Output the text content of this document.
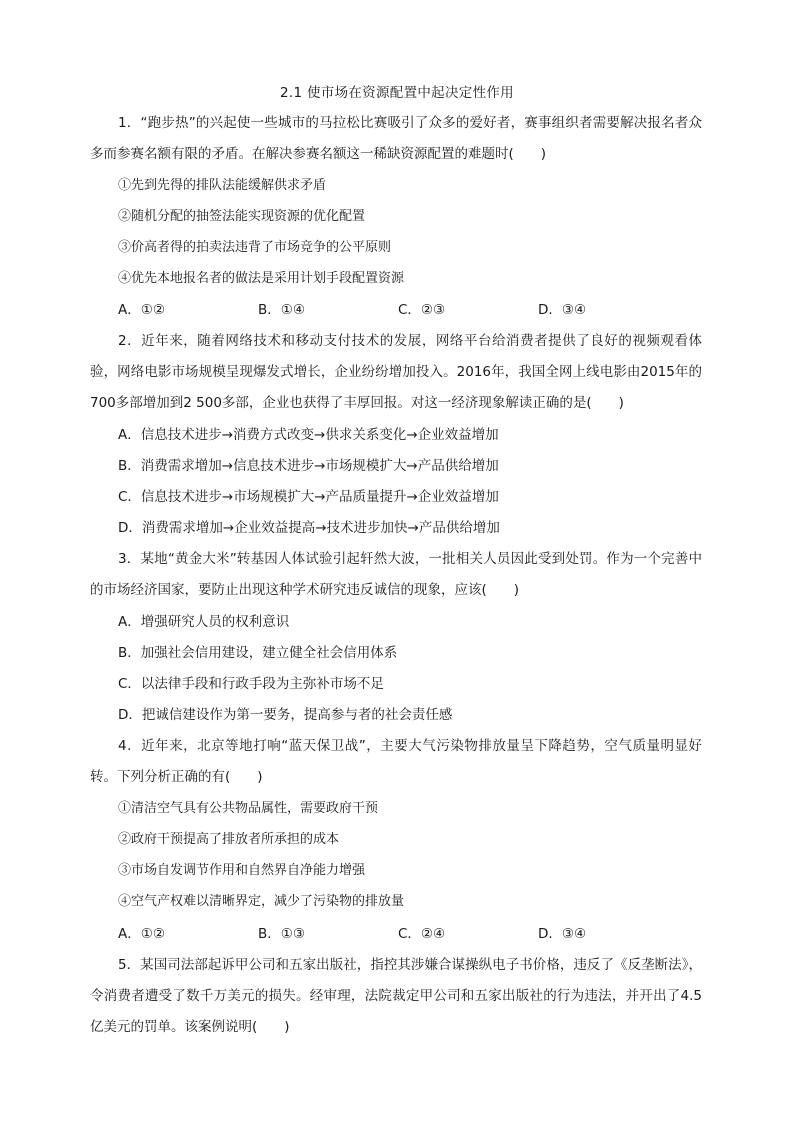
2.1 使市场在资源配置中起决定性作用
1．“跑步热”的兴起使一些城市的马拉松比赛吸引了众多的爱好者，赛事组织者需要解决报名者众多而参赛名额有限的矛盾。在解决参赛名额这一稀缺资源配置的难题时(　　)
①先到先得的排队法能缓解供求矛盾
②随机分配的抽签法能实现资源的优化配置
③价高者得的拍卖法违背了市场竞争的公平原则
④优先本地报名者的做法是采用计划手段配置资源
A．①②	B．①④	C．②③	D．③④
2．近年来，随着网络技术和移动支付技术的发展，网络平台给消费者提供了良好的视频观看体验，网络电影市场规模呈现爆发式增长，企业纷纷增加投入。2016年，我国全网上线电影由2015年的700多部增加到2 500多部，企业也获得了丰厚回报。对这一经济现象解读正确的是(　　)
A．信息技术进步→消费方式改变→供求关系变化→企业效益增加
B．消费需求增加→信息技术进步→市场规模扩大→产品供给增加
C．信息技术进步→市场规模扩大→产品质量提升→企业效益增加
D．消费需求增加→企业效益提高→技术进步加快→产品供给增加
3．某地“黄金大米”转基因人体试验引起轩然大波，一批相关人员因此受到处罚。作为一个完善中的市场经济国家，要防止出现这种学术研究违反诚信的现象，应该(　　)
A．增强研究人员的权利意识
B．加强社会信用建设，建立健全社会信用体系
C．以法律手段和行政手段为主弥补市场不足
D．把诚信建设作为第一要务，提高参与者的社会责任感
4．近年来，北京等地打响“蓝天保卫战”，主要大气污染物排放量呈下降趋势，空气质量明显好转。下列分析正确的有(　　)
①清洁空气具有公共物品属性，需要政府干预
②政府干预提高了排放者所承担的成本
③市场自发调节作用和自然界自净能力增强
④空气产权难以清晰界定，减少了污染物的排放量
A．①②	B．①③	C．②④	D．③④
5．某国司法部起诉甲公司和五家出版社，指控其涉嫌合谋操纵电子书价格，违反了《反垄断法》，令消费者遭受了数千万美元的损失。经审理，法院裁定甲公司和五家出版社的行为违法，并开出了4.5亿美元的罚单。该案例说明(　　)
